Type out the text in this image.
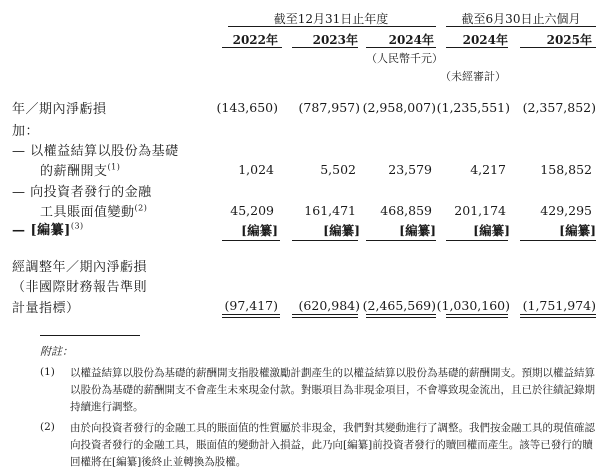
截至12月31日止年度	截至6月30日止六個月
2022年	2023年	2024年	2024年	2025年
（人民幣千元）
（未經審計）
年／期內淨虧損	(143,650)	(787,957) (2,958,007) (1,235,551)	(2,357,852)
加：
— 以權益結算以股份為基礎
的薪酬開支$^{(1)}$	1,024	5,502	23,579	4,217	158,852
— 向投資者發行的金融
工具賬面值變動$^{(2)}$	45,209	161,471	468,859	201,174	429,295
— [編纂]$^{(3)}$	[編纂]	[編纂]	[編纂]	[編纂]	[編纂]
經調整年／期內淨虧損
（非國際財務報告準則
計量指標）	(97,417)	(620,984) (2,465,569) (1,030,160)	(1,751,974)
附註：
(1) 以權益結算以股份為基礎的薪酬開支指股權激勵計劃產生的以權益結算以股份為基礎的薪酬開支。預期以權益結算以股份為基礎的薪酬開支不會產生未來現金付款。對賬項目為非現金項目，不會導致現金流出，且已於往績記錄期持續進行調整。
(2) 由於向投資者發行的金融工具的賬面值的性質屬於非現金，我們對其變動進行了調整。我們按金融工具的現值確認向投資者發行的金融工具，賬面值的變動計入損益，此乃向[編纂]前投資者發行的贖回權而產生。該等已發行的贖回權將在[編纂]後終止並轉換為股權。
